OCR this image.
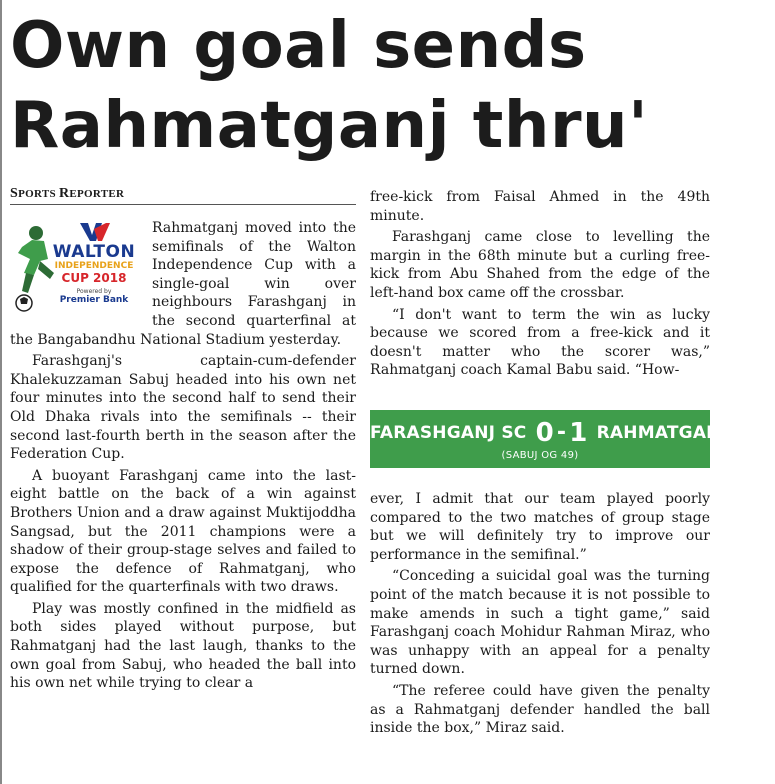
Own goal sends Rahmatganj thru'
SPORTS REPORTER
WALTON
INDEPENDENCE
CUP 2018
Powered by
Premier Bank

Rahmatganj moved into the semifinals of the Walton Independence Cup with a single-goal win over neighbours Farashganj in the second quarterfinal at the Bangabandhu National Stadium yesterday.

Farashganj's captain-cum-defender Khalekuzzaman Sabuj headed into his own net four minutes into the second half to send their Old Dhaka rivals into the semifinals -- their second last-fourth berth in the season after the Federation Cup.

A buoyant Farashganj came into the last-eight battle on the back of a win against Brothers Union and a draw against Muktijoddha Sangsad, but the 2011 champions were a shadow of their group-stage selves and failed to expose the defence of Rahmatganj, who qualified for the quarterfinals with two draws.

Play was mostly confined in the midfield as both sides played without purpose, but Rahmatganj had the last laugh, thanks to the own goal from Sabuj, who headed the ball into his own net while trying to clear a

free-kick from Faisal Ahmed in the 49th minute.

Farashganj came close to levelling the margin in the 68th minute but a curling free-kick from Abu Shahed from the edge of the left-hand box came off the crossbar.

“I don't want to term the win as lucky because we scored from a free-kick and it doesn't matter who the scorer was,” Rahmatganj coach Kamal Babu said. “How-

FARASHGANJ SC 0 - 1 RAHMATGANJ MFS
(SABUJ OG 49)

ever, I admit that our team played poorly compared to the two matches of group stage but we will definitely try to improve our performance in the semifinal.”

“Conceding a suicidal goal was the turning point of the match because it is not possible to make amends in such a tight game,” said Farashganj coach Mohidur Rahman Miraz, who was unhappy with an appeal for a penalty turned down.

“The referee could have given the penalty as a Rahmatganj defender handled the ball inside the box,” Miraz said.
